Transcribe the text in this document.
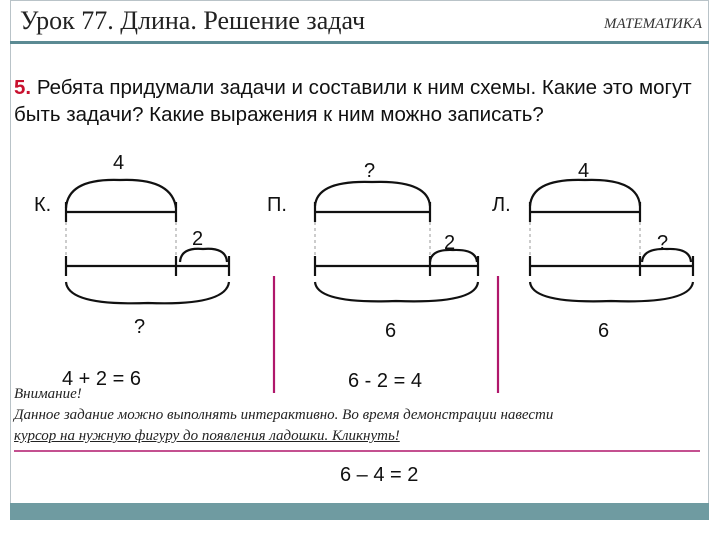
Урок 77. Длина. Решение задач	МАТЕМАТИКА
5. Ребята придумали задачи и составили к ним схемы. Какие это могут быть задачи? Какие выражения к ним можно записать?
К.
4
2
?
4 + 2 = 6
П.
?
2
6
6 - 2 = 4
6 – 4 = 2
Л.
4
?
6
Внимание!
Данное задание можно выполнять интерактивно. Во время демонстрации навести
курсор на нужную фигуру до появления ладошки. Кликнуть!
